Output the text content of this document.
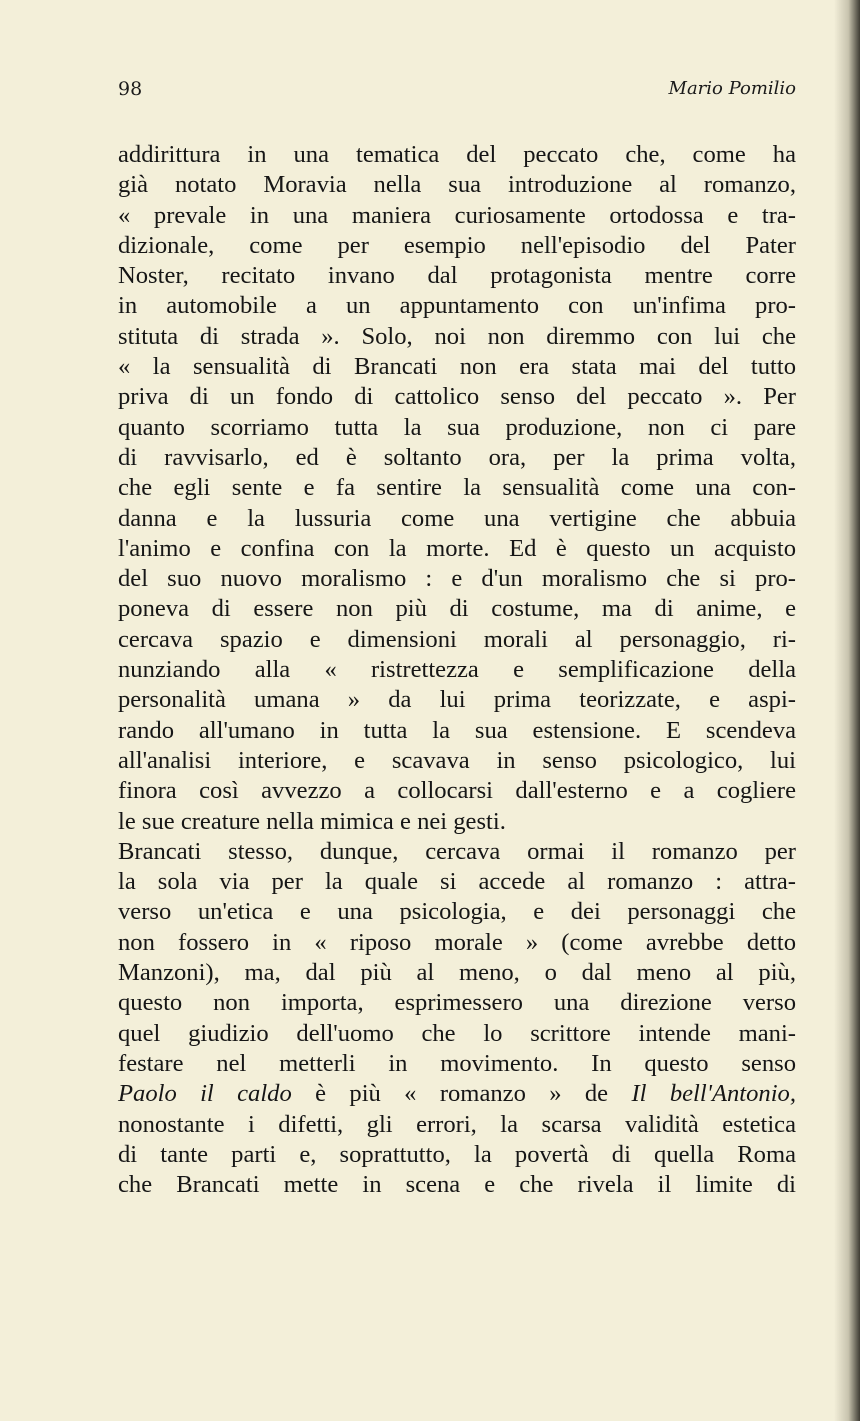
98	Mario Pomilio
addirittura in una tematica del peccato che, come ha
già notato Moravia nella sua introduzione al romanzo,
« prevale in una maniera curiosamente ortodossa e tra-
dizionale, come per esempio nell'episodio del Pater
Noster, recitato invano dal protagonista mentre corre
in automobile a un appuntamento con un'infima pro-
stituta di strada ». Solo, noi non diremmo con lui che
« la sensualità di Brancati non era stata mai del tutto
priva di un fondo di cattolico senso del peccato ». Per
quanto scorriamo tutta la sua produzione, non ci pare
di ravvisarlo, ed è soltanto ora, per la prima volta,
che egli sente e fa sentire la sensualità come una con-
danna e la lussuria come una vertigine che abbuia
l'animo e confina con la morte. Ed è questo un acquisto
del suo nuovo moralismo : e d'un moralismo che si pro-
poneva di essere non più di costume, ma di anime, e
cercava spazio e dimensioni morali al personaggio, ri-
nunziando alla « ristrettezza e semplificazione della
personalità umana » da lui prima teorizzate, e aspi-
rando all'umano in tutta la sua estensione. E scendeva
all'analisi interiore, e scavava in senso psicologico, lui
finora così avvezzo a collocarsi dall'esterno e a cogliere
le sue creature nella mimica e nei gesti.
Brancati stesso, dunque, cercava ormai il romanzo per
la sola via per la quale si accede al romanzo : attra-
verso un'etica e una psicologia, e dei personaggi che
non fossero in « riposo morale » (come avrebbe detto
Manzoni), ma, dal più al meno, o dal meno al più,
questo non importa, esprimessero una direzione verso
quel giudizio dell'uomo che lo scrittore intende mani-
festare nel metterli in movimento. In questo senso
Paolo il caldo è più « romanzo » de Il bell'Antonio,
nonostante i difetti, gli errori, la scarsa validità estetica
di tante parti e, soprattutto, la povertà di quella Roma
che Brancati mette in scena e che rivela il limite di
